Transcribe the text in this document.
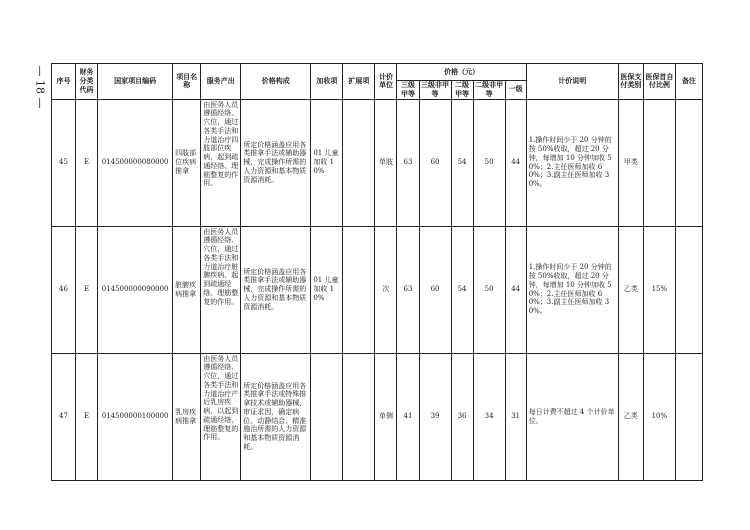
— 18 — 序号	财务分类代码	国家项目编码	项目名称	服务产出	价格构成	加收项	扩展项	计价单位	价格（元）					计价说明	医保支付类别	医保首自付比例	备注
									三级甲等	三级非甲等	二级甲等	二级非甲等	一级				
45	E	014500000080000	四肢部位疾病推拿	由医务人员遵循经络、穴位，通过各类手法和力道治疗四肢部位疾病，起到疏通经络、理筋整复的作用。	所定价格涵盖应用各类推拿手法或辅助器械，完成操作所需的人力资源和基本物质资源消耗。	01 儿童加收 10%		单肢	63	60	54	50	44	1.操作时间少于 20 分钟的按 50%收取，超过 20 分钟，每增加 10 分钟加收 50%；2.主任医师加收 60%；3.副主任医师加收 30%。	甲类		
46	E	014500000090000	脏腑疾病推拿	由医务人员遵循经络、穴位，通过各类手法和力道治疗脏腑疾病，起到疏通经络、理筋整复的作用。	所定价格涵盖应用各类推拿手法或辅助器械，完成操作所需的人力资源和基本物质资源消耗。	01 儿童加收 10%		次	63	60	54	50	44	1.操作时间少于 20 分钟的按 50%收取，超过 20 分钟，每增加 10 分钟加收 50%；2.主任医师加收 60%；3.副主任医师加收 30%。	乙类	15%	
47	E	014500000100000	乳房疾病推拿	由医务人员遵循经络、穴位，通过各类手法和力道治疗产后乳房疾病，以起到疏通经络，理筋整复的作用。	所定价格涵盖应用各类推拿手法或特殊推拿技术或辅助器械，审证求因，确定病位、动静结合、精准施治所需的人力资源和基本物质资源消耗。			单侧	41	39	36	34	31	每日计费不超过 4 个计价单位。	乙类	10%	
